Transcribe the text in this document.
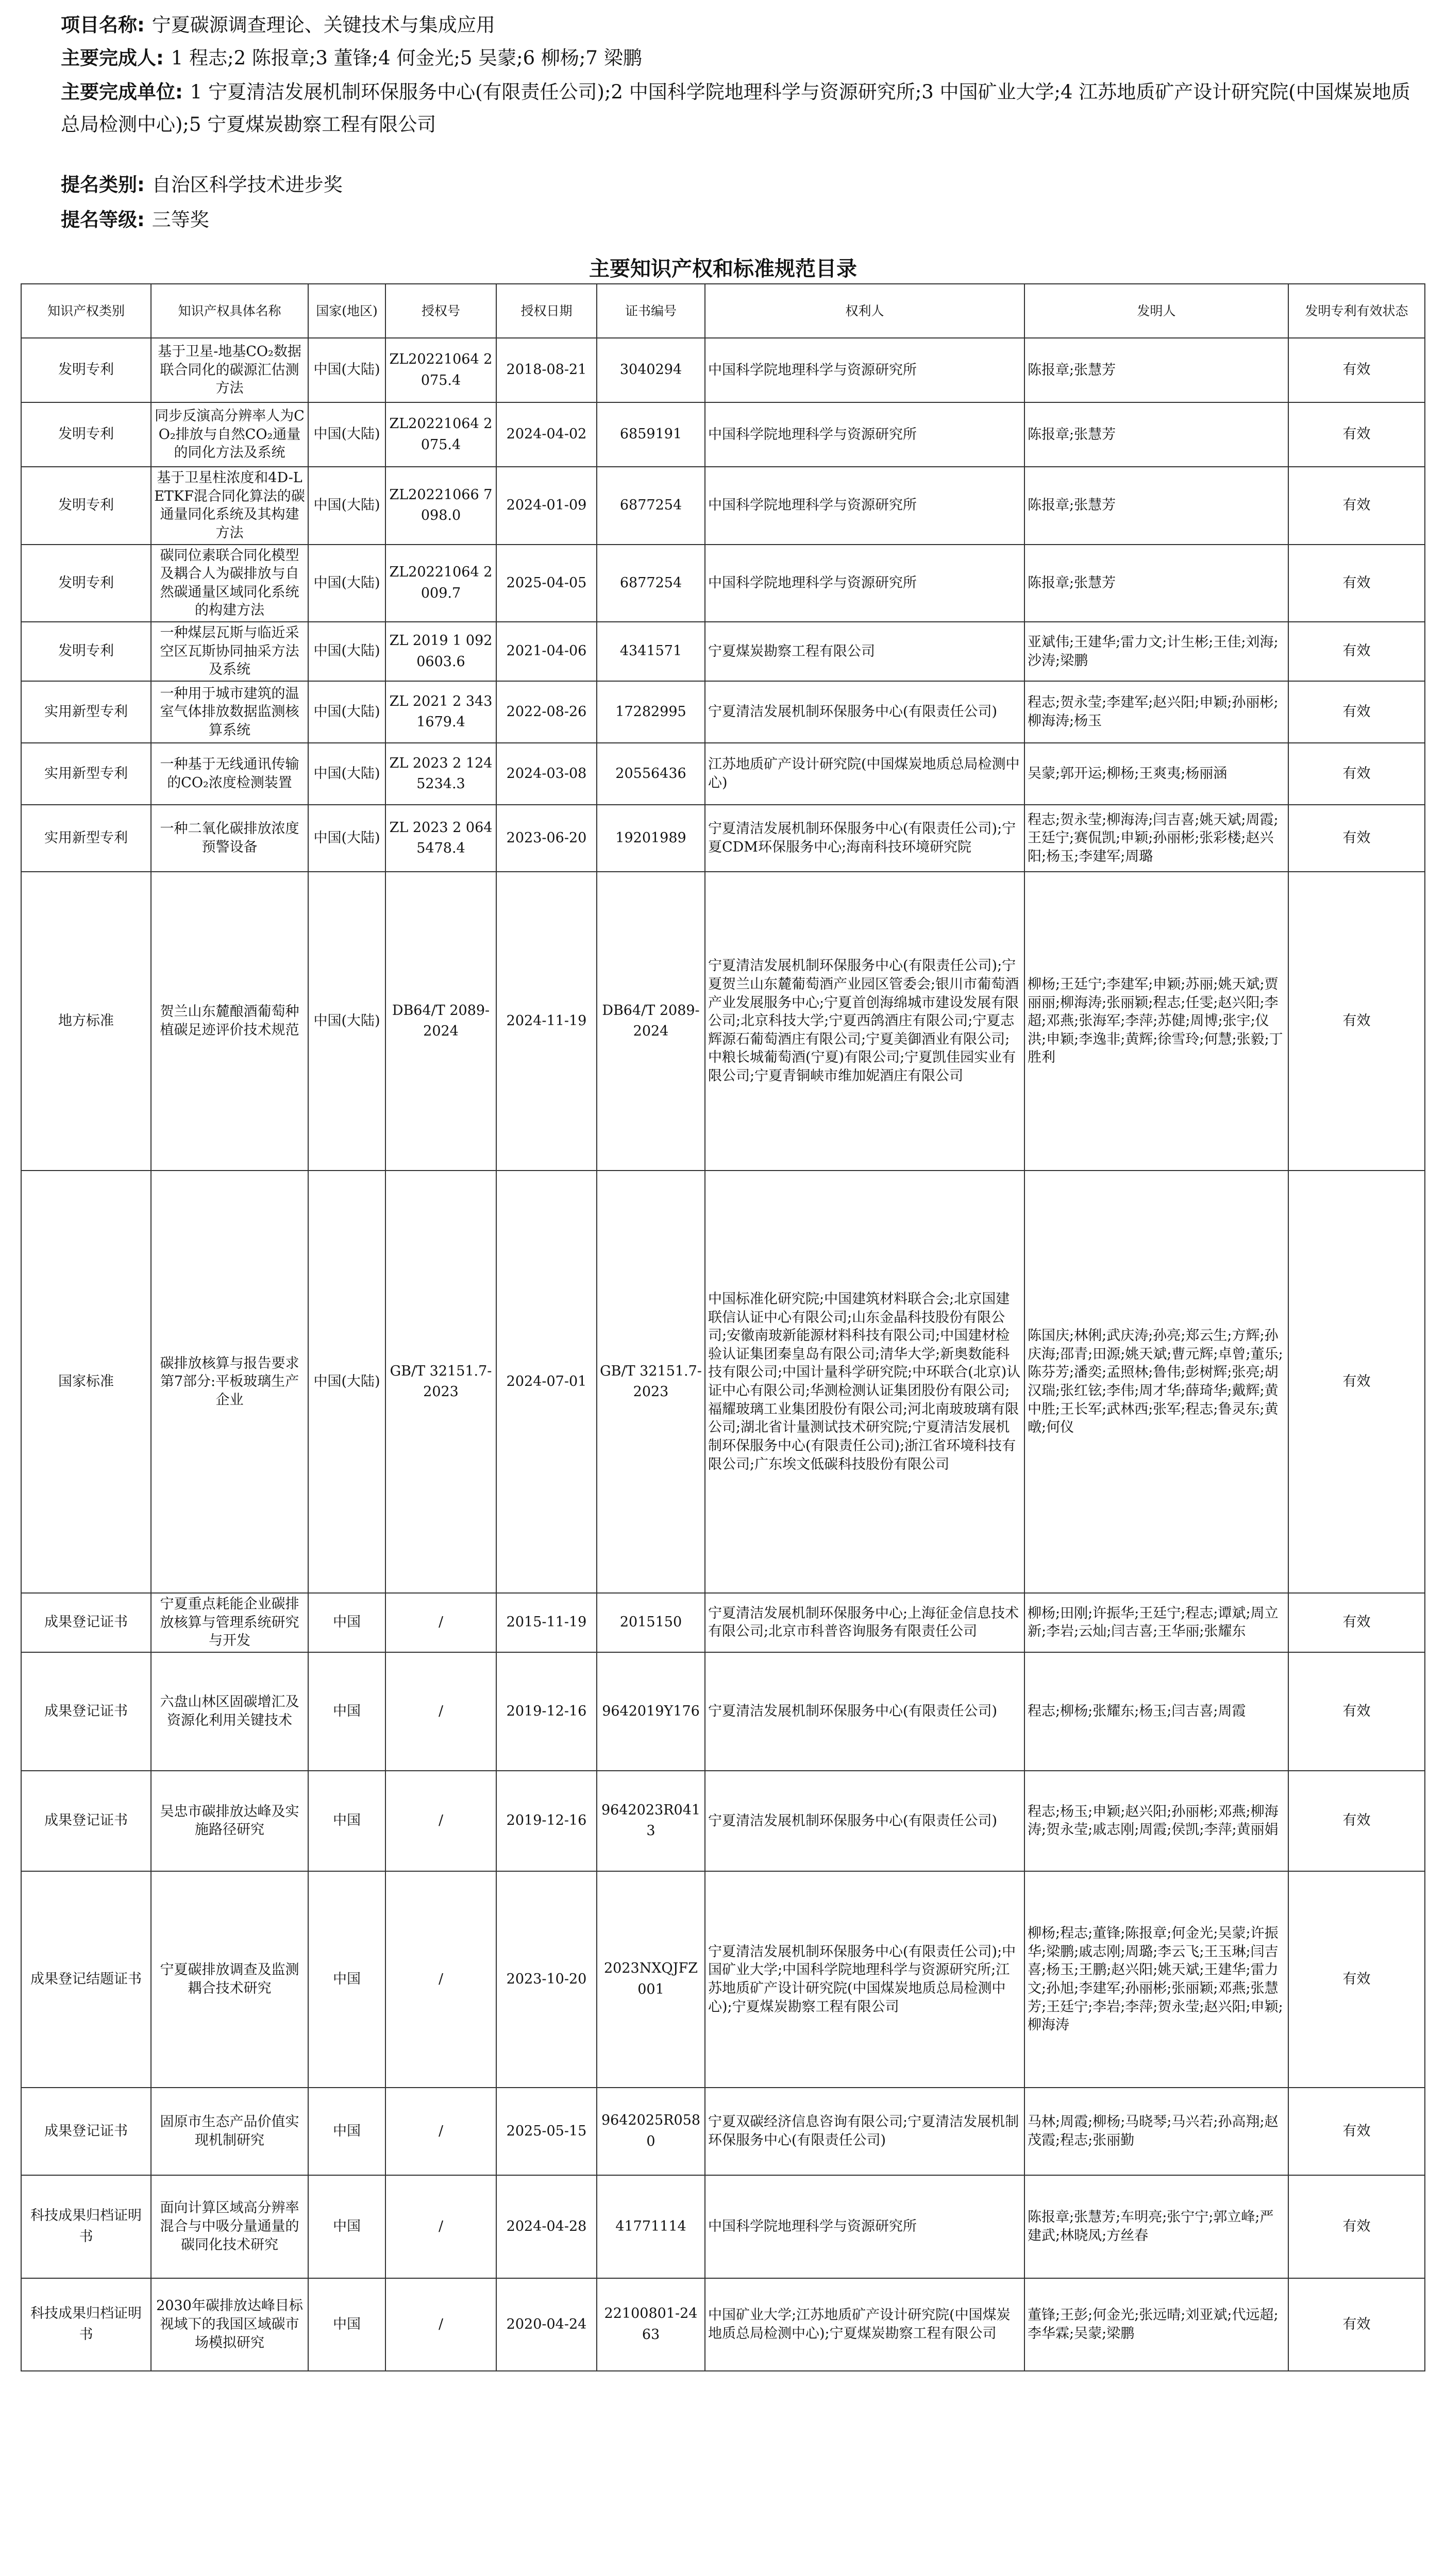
项目名称: 宁夏碳源调查理论、关键技术与集成应用
主要完成人: 1 程志;2 陈报章;3 董锋;4 何金光;5 吴蒙;6 柳杨;7 梁鹏
主要完成单位: 1 宁夏清洁发展机制环保服务中心(有限责任公司);2 中国科学院地理科学与资源研究所;3 中国矿业大学;4 江苏地质矿产设计研究院(中国煤炭地质总局检测中心);5 宁夏煤炭勘察工程有限公司
提名类别: 自治区科学技术进步奖
提名等级: 三等奖
主要知识产权和标准规范目录
知识产权类别	知识产权具体名称	国家(地区)	授权号	授权日期	证书编号	权利人	发明人	发明专利有效状态
发明专利	基于卫星-地基CO₂数据联合同化的碳源汇估测方法	中国(大陆)	ZL20221064 2075.4	2018-08-21	3040294	中国科学院地理科学与资源研究所	陈报章;张慧芳	有效
发明专利	同步反演高分辨率人为CO₂排放与自然CO₂通量的同化方法及系统	中国(大陆)	ZL20221064 2075.4	2024-04-02	6859191	中国科学院地理科学与资源研究所	陈报章;张慧芳	有效
发明专利	基于卫星柱浓度和4D-LETKF混合同化算法的碳通量同化系统及其构建方法	中国(大陆)	ZL20221066 7098.0	2024-01-09	6877254	中国科学院地理科学与资源研究所	陈报章;张慧芳	有效
发明专利	碳同位素联合同化模型及耦合人为碳排放与自然碳通量区域同化系统的构建方法	中国(大陆)	ZL20221064 2009.7	2025-04-05	6877254	中国科学院地理科学与资源研究所	陈报章;张慧芳	有效
发明专利	一种煤层瓦斯与临近采空区瓦斯协同抽采方法及系统	中国(大陆)	ZL 2019 1 0920603.6	2021-04-06	4341571	宁夏煤炭勘察工程有限公司	亚斌伟;王建华;雷力文;计生彬;王佳;刘海;沙涛;梁鹏	有效
实用新型专利	一种用于城市建筑的温室气体排放数据监测核算系统	中国(大陆)	ZL 2021 2 3431679.4	2022-08-26	17282995	宁夏清洁发展机制环保服务中心(有限责任公司)	程志;贺永莹;李建军;赵兴阳;申颖;孙丽彬;柳海涛;杨玉	有效
实用新型专利	一种基于无线通讯传输的CO₂浓度检测装置	中国(大陆)	ZL 2023 2 1245234.3	2024-03-08	20556436	江苏地质矿产设计研究院(中国煤炭地质总局检测中心)	吴蒙;郭开运;柳杨;王爽夷;杨丽涵	有效
实用新型专利	一种二氧化碳排放浓度预警设备	中国(大陆)	ZL 2023 2 0645478.4	2023-06-20	19201989	宁夏清洁发展机制环保服务中心(有限责任公司);宁夏CDM环保服务中心;海南科技环境研究院	程志;贺永莹;柳海涛;闫吉喜;姚天斌;周霞;王廷宁;赛侃凯;申颖;孙丽彬;张彩楼;赵兴阳;杨玉;李建军;周璐	有效
地方标准	贺兰山东麓酿酒葡萄种植碳足迹评价技术规范	中国(大陆)	DB64/T 2089-2024	2024-11-19	DB64/T 2089-2024	宁夏清洁发展机制环保服务中心(有限责任公司);宁夏贺兰山东麓葡萄酒产业园区管委会;银川市葡萄酒产业发展服务中心;宁夏首创海绵城市建设发展有限公司;北京科技大学;宁夏西鸽酒庄有限公司;宁夏志辉源石葡萄酒庄有限公司;宁夏美御酒业有限公司;中粮长城葡萄酒(宁夏)有限公司;宁夏凯佳园实业有限公司;宁夏青铜峡市维加妮酒庄有限公司	柳杨;王廷宁;李建军;申颖;苏丽;姚天斌;贾丽丽;柳海涛;张丽颖;程志;任雯;赵兴阳;李超;邓燕;张海军;李萍;苏健;周博;张宇;仪洪;申颖;李逸非;黄辉;徐雪玲;何慧;张毅;丁胜利	有效
国家标准	碳排放核算与报告要求 第7部分:平板玻璃生产企业	中国(大陆)	GB/T 32151.7-2023	2024-07-01	GB/T 32151.7-2023	中国标准化研究院;中国建筑材料联合会;北京国建联信认证中心有限公司;山东金晶科技股份有限公司;安徽南玻新能源材料科技有限公司;中国建材检验认证集团秦皇岛有限公司;清华大学;新奥数能科技有限公司;中国计量科学研究院;中环联合(北京)认证中心有限公司;华测检测认证集团股份有限公司;福耀玻璃工业集团股份有限公司;河北南玻玻璃有限公司;湖北省计量测试技术研究院;宁夏清洁发展机制环保服务中心(有限责任公司);浙江省环境科技有限公司;广东埃文低碳科技股份有限公司	陈国庆;林俐;武庆涛;孙亮;郑云生;方辉;孙庆海;邵青;田源;姚天斌;曹元辉;卓曾;董乐;陈芬芳;潘奕;孟照林;鲁伟;彭树辉;张亮;胡汉瑞;张红铉;李伟;周才华;薛琦华;戴辉;黄中胜;王长军;武林西;张军;程志;鲁灵东;黄暾;何仪	有效
成果登记证书	宁夏重点耗能企业碳排放核算与管理系统研究与开发	中国	/	2015-11-19	2015150	宁夏清洁发展机制环保服务中心;上海征金信息技术有限公司;北京市科普咨询服务有限责任公司	柳杨;田刚;许振华;王廷宁;程志;谭斌;周立新;李岩;云灿;闫吉喜;王华丽;张耀东	有效
成果登记证书	六盘山林区固碳增汇及资源化利用关键技术	中国	/	2019-12-16	9642019Y176	宁夏清洁发展机制环保服务中心(有限责任公司)	程志;柳杨;张耀东;杨玉;闫吉喜;周霞	有效
成果登记证书	吴忠市碳排放达峰及实施路径研究	中国	/	2019-12-16	9642023R0413	宁夏清洁发展机制环保服务中心(有限责任公司)	程志;杨玉;申颖;赵兴阳;孙丽彬;邓燕;柳海涛;贺永莹;戚志刚;周霞;侯凯;李萍;黄丽娟	有效
成果登记结题证书	宁夏碳排放调查及监测耦合技术研究	中国	/	2023-10-20	2023NXQJFZ001	宁夏清洁发展机制环保服务中心(有限责任公司);中国矿业大学;中国科学院地理科学与资源研究所;江苏地质矿产设计研究院(中国煤炭地质总局检测中心);宁夏煤炭勘察工程有限公司	柳杨;程志;董锋;陈报章;何金光;吴蒙;许振华;梁鹏;戚志刚;周璐;李云飞;王玉琳;闫吉喜;杨玉;王鹏;赵兴阳;姚天斌;王建华;雷力文;孙旭;李建军;孙丽彬;张丽颖;邓燕;张慧芳;王廷宁;李岩;李萍;贺永莹;赵兴阳;申颖;柳海涛	有效
成果登记证书	固原市生态产品价值实现机制研究	中国	/	2025-05-15	9642025R0580	宁夏双碳经济信息咨询有限公司;宁夏清洁发展机制环保服务中心(有限责任公司)	马林;周霞;柳杨;马晓琴;马兴若;孙高翔;赵茂霞;程志;张丽勤	有效
科技成果归档证明书	面向计算区域高分辨率混合与中吸分量通量的碳同化技术研究	中国	/	2024-04-28	41771114	中国科学院地理科学与资源研究所	陈报章;张慧芳;车明亮;张宁宁;郭立峰;严建武;林晓凤;方丝春	有效
科技成果归档证明书	2030年碳排放达峰目标视域下的我国区域碳市场模拟研究	中国	/	2020-04-24	22100801-2463	中国矿业大学;江苏地质矿产设计研究院(中国煤炭地质总局检测中心);宁夏煤炭勘察工程有限公司	董锋;王彭;何金光;张远晴;刘亚斌;代远超;李华霖;吴蒙;梁鹏	有效
